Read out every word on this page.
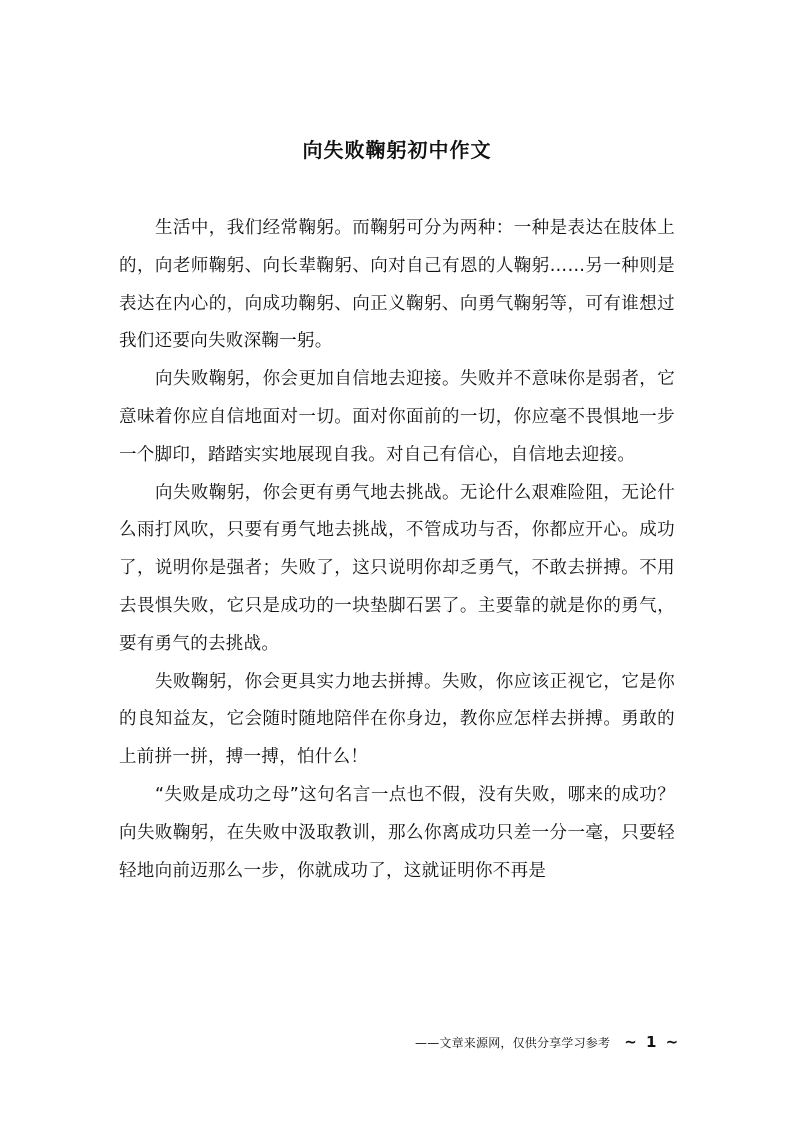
向失败鞠躬初中作文

生活中，我们经常鞠躬。而鞠躬可分为两种：一种是表达在肢体上的，向老师鞠躬、向长辈鞠躬、向对自己有恩的人鞠躬……另一种则是表达在内心的，向成功鞠躬、向正义鞠躬、向勇气鞠躬等，可有谁想过我们还要向失败深鞠一躬。

向失败鞠躬，你会更加自信地去迎接。失败并不意味你是弱者，它意味着你应自信地面对一切。面对你面前的一切，你应毫不畏惧地一步一个脚印，踏踏实实地展现自我。对自己有信心，自信地去迎接。

向失败鞠躬，你会更有勇气地去挑战。无论什么艰难险阻，无论什么雨打风吹，只要有勇气地去挑战，不管成功与否，你都应开心。成功了，说明你是强者；失败了，这只说明你却乏勇气，不敢去拼搏。不用去畏惧失败，它只是成功的一块垫脚石罢了。主要靠的就是你的勇气，要有勇气的去挑战。

失败鞠躬，你会更具实力地去拼搏。失败，你应该正视它，它是你的良知益友，它会随时随地陪伴在你身边，教你应怎样去拼搏。勇敢的上前拼一拼，搏一搏，怕什么！

“失败是成功之母”这句名言一点也不假，没有失败，哪来的成功？向失败鞠躬，在失败中汲取教训，那么你离成功只差一分一毫，只要轻轻地向前迈那么一步，你就成功了，这就证明你不再是

——文章来源网，仅供分享学习参考 ~ 1 ~
